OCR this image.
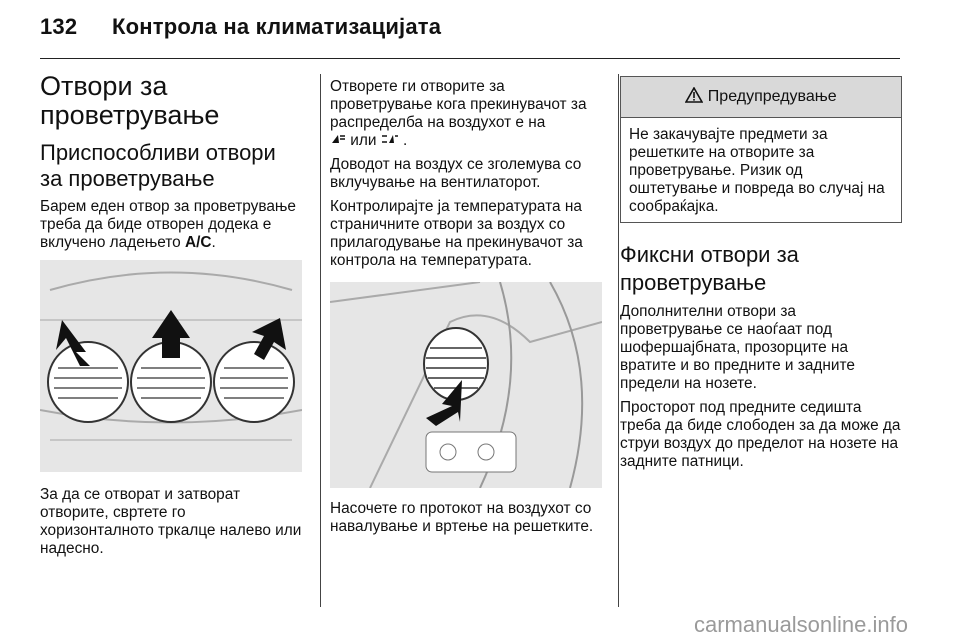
132 Контрола на климатизацијата
Отвори за проветрување
Приспособливи отвори за проветрување

Барем еден отвор за проветрување треба да биде отворен додека е вклучено ладењето A/C.

За да се отворат и затворат отворите, свртете го хоризонталното тркалце налево или надесно.

Отворете ги отворите за проветрување кога прекинувачот за распределба на воздухот е на
или .

Доводот на воздух се зголемува со вклучување на вентилаторот.

Контролирајте ја температурата на страничните отвори за воздух со прилагодување на прекинувачот за контрола на температурата.

Насочете го протокот на воздухот со навалување и вртење на решетките.

Предупредување

Не закачувајте предмети за решетките на отворите за проветрување. Ризик од оштетување и повреда во случај на сообраќајка.

Фиксни отвори за проветрување

Дополнителни отвори за проветрување се наоѓаат под шофершајбната, прозорците на вратите и во предните и задните предели на нозете.

Просторот под предните седишта треба да биде слободен за да може да струи воздух до пределот на нозете на задните патници.

carmanualsonline.info
